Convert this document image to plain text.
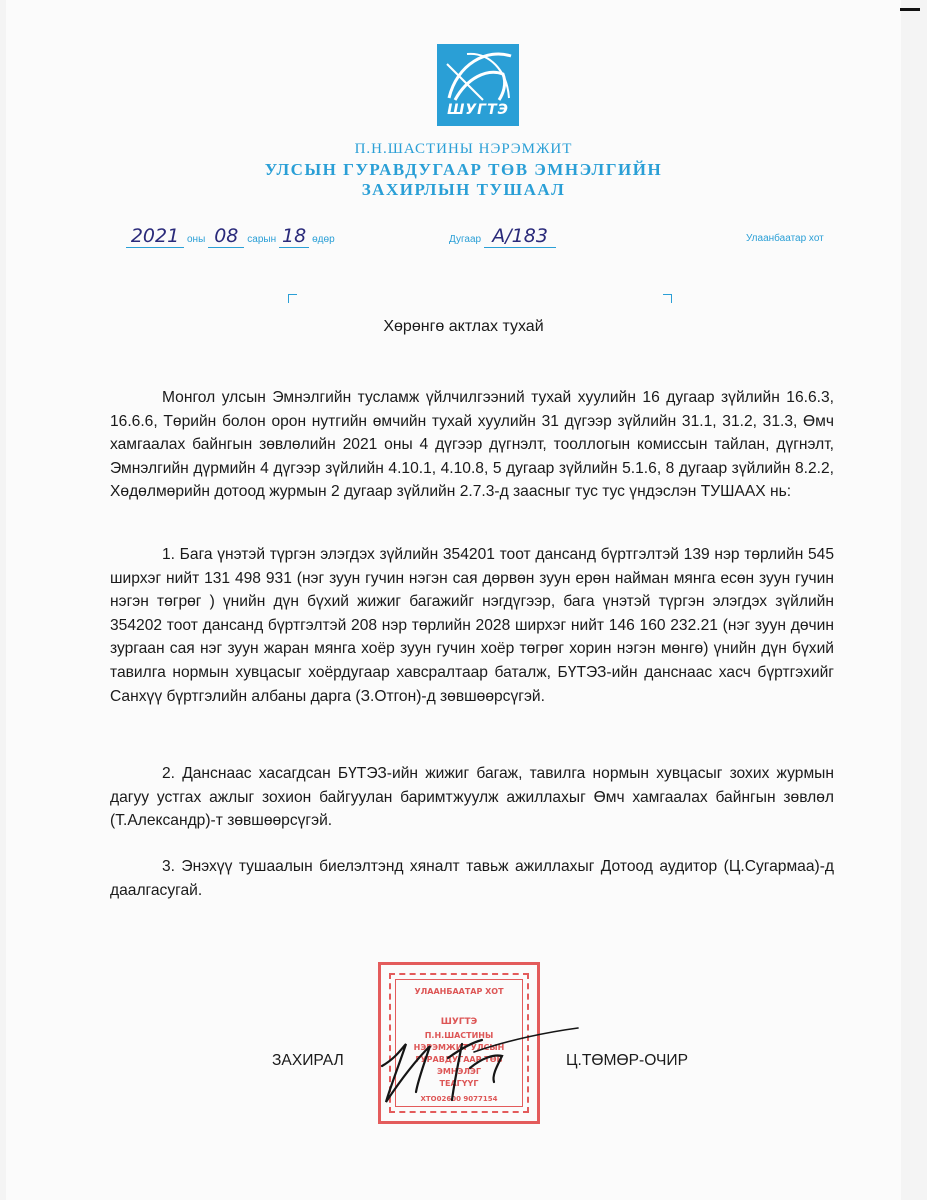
ШУГТЭ
П.Н.ШАСТИНЫ НЭРЭМЖИТ
УЛСЫН ГУРАВДУГААР ТӨВ ЭМНЭЛГИЙН
ЗАХИРЛЫН ТУШААЛ
2021 оны 08 сарын 18 өдөр	Дугаар А/183	Улаанбаатар хот
Хөрөнгө актлах тухай

Монгол улсын Эмнэлгийн тусламж үйлчилгээний тухай хуулийн 16 дугаар зүйлийн 16.6.3, 16.6.6, Төрийн болон орон нутгийн өмчийн тухай хуулийн 31 дүгээр зүйлийн 31.1, 31.2, 31.3, Өмч хамгаалах байнгын зөвлөлийн 2021 оны 4 дүгээр дүгнэлт, тооллогын комиссын тайлан, дүгнэлт, Эмнэлгийн дүрмийн 4 дүгээр зүйлийн 4.10.1, 4.10.8, 5 дугаар зүйлийн 5.1.6, 8 дугаар зүйлийн 8.2.2, Хөдөлмөрийн дотоод журмын 2 дугаар зүйлийн 2.7.3-д заасныг тус тус үндэслэн ТУШААХ нь:

1. Бага үнэтэй түргэн элэгдэх зүйлийн 354201 тоот дансанд бүртгэлтэй 139 нэр төрлийн 545 ширхэг нийт 131 498 931 (нэг зуун гучин нэгэн сая дөрвөн зуун ерөн найман мянга есөн зуун гучин нэгэн төгрөг ) үнийн дүн бүхий жижиг багажийг нэгдүгээр, бага үнэтэй түргэн элэгдэх зүйлийн 354202 тоот дансанд бүртгэлтэй 208 нэр төрлийн 2028 ширхэг нийт 146 160 232.21 (нэг зуун дөчин зургаан сая нэг зуун жаран мянга хоёр зуун гучин хоёр төгрөг хорин нэгэн мөнгө) үнийн дүн бүхий тавилга нормын хувцасыг хоёрдугаар хавсралтаар баталж, БҮТЭЗ-ийн данснаас хасч бүртгэхийг Санхүү бүртгэлийн албаны дарга (З.Отгон)-д зөвшөөрсүгэй.

2. Данснаас хасагдсан БҮТЭЗ-ийн жижиг багаж, тавилга нормын хувцасыг зохих журмын дагуу устгах ажлыг зохион байгуулан баримтжуулж ажиллахыг Өмч хамгаалах байнгын зөвлөл (Т.Александр)-т зөвшөөрсүгэй.

3. Энэхүү тушаалын биелэлтэнд хяналт тавьж ажиллахыг Дотоод аудитор (Ц.Сугармаа)-д даалгасугай.

УЛААНБААТАР ХОТ
ШУГТЭ
П.Н.ШАСТИНЫ
НЭРЭМЖИТ УЛСЫН
ГУРАВДУГААР ТӨВ
ЭМНЭЛЭГ
ТЕАГҮҮГ
ХТО02600 9077154
ЗАХИРАЛ	Ц.ТӨМӨР-ОЧИР
